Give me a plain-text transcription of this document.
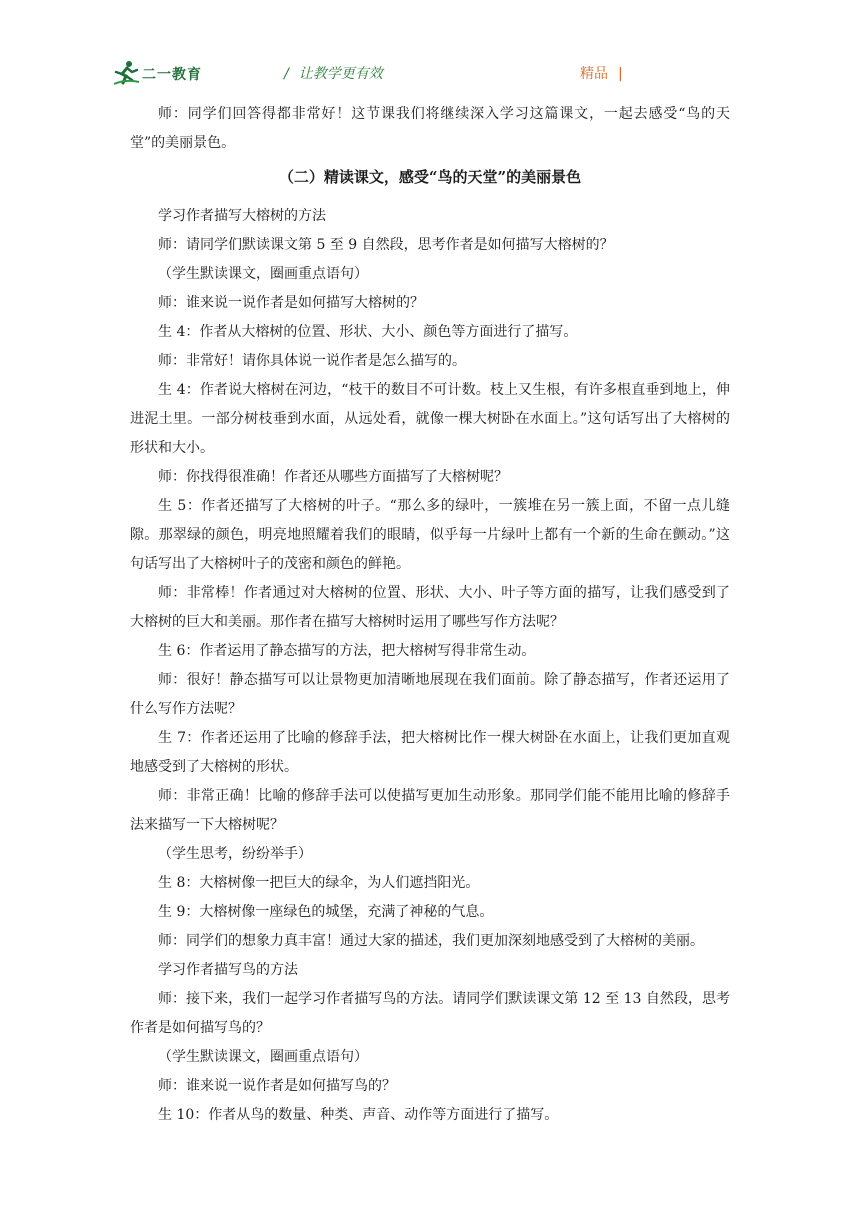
二一教育	/ 让教学更有效	精品 |

师：同学们回答得都非常好！这节课我们将继续深入学习这篇课文，一起去感受“鸟的天堂”的美丽景色。

（二）精读课文，感受“鸟的天堂”的美丽景色

学习作者描写大榕树的方法

师：请同学们默读课文第 5 至 9 自然段，思考作者是如何描写大榕树的？

（学生默读课文，圈画重点语句）

师：谁来说一说作者是如何描写大榕树的？

生 4：作者从大榕树的位置、形状、大小、颜色等方面进行了描写。

师：非常好！请你具体说一说作者是怎么描写的。

生 4：作者说大榕树在河边，“枝干的数目不可计数。枝上又生根，有许多根直垂到地上，伸进泥土里。一部分树枝垂到水面，从远处看，就像一棵大树卧在水面上。”这句话写出了大榕树的形状和大小。

师：你找得很准确！作者还从哪些方面描写了大榕树呢？

生 5：作者还描写了大榕树的叶子。“那么多的绿叶，一簇堆在另一簇上面，不留一点儿缝隙。那翠绿的颜色，明亮地照耀着我们的眼睛，似乎每一片绿叶上都有一个新的生命在颤动。”这句话写出了大榕树叶子的茂密和颜色的鲜艳。

师：非常棒！作者通过对大榕树的位置、形状、大小、叶子等方面的描写，让我们感受到了大榕树的巨大和美丽。那作者在描写大榕树时运用了哪些写作方法呢？

生 6：作者运用了静态描写的方法，把大榕树写得非常生动。

师：很好！静态描写可以让景物更加清晰地展现在我们面前。除了静态描写，作者还运用了什么写作方法呢？

生 7：作者还运用了比喻的修辞手法，把大榕树比作一棵大树卧在水面上，让我们更加直观地感受到了大榕树的形状。

师：非常正确！比喻的修辞手法可以使描写更加生动形象。那同学们能不能用比喻的修辞手法来描写一下大榕树呢？

（学生思考，纷纷举手）

生 8：大榕树像一把巨大的绿伞，为人们遮挡阳光。

生 9：大榕树像一座绿色的城堡，充满了神秘的气息。

师：同学们的想象力真丰富！通过大家的描述，我们更加深刻地感受到了大榕树的美丽。

学习作者描写鸟的方法

师：接下来，我们一起学习作者描写鸟的方法。请同学们默读课文第 12 至 13 自然段，思考作者是如何描写鸟的？

（学生默读课文，圈画重点语句）

师：谁来说一说作者是如何描写鸟的？

生 10：作者从鸟的数量、种类、声音、动作等方面进行了描写。
